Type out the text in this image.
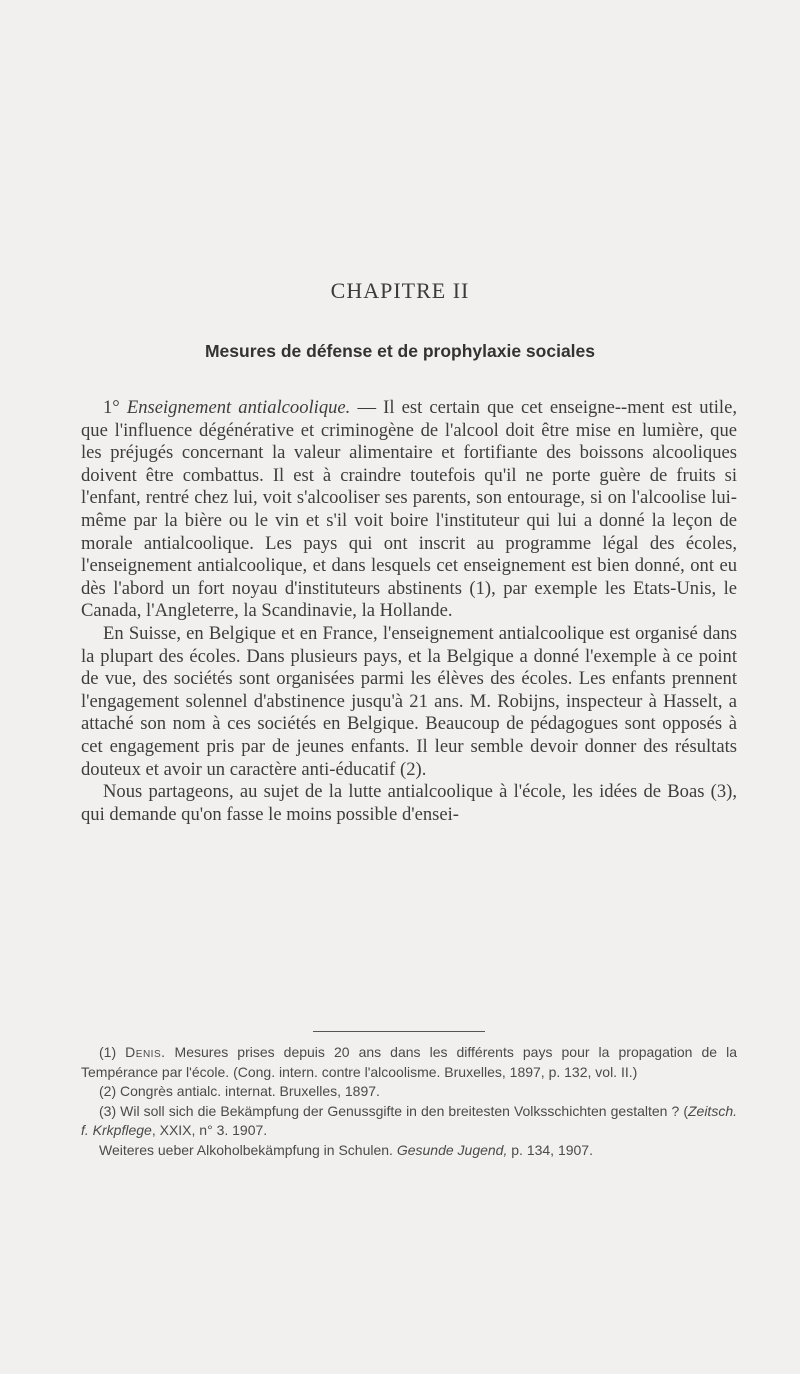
CHAPITRE II
Mesures de défense et de prophylaxie sociales

1° Enseignement antialcoolique. — Il est certain que cet enseigne--ment est utile, que l'influence dégénérative et criminogène de l'alcool doit être mise en lumière, que les préjugés concernant la valeur alimentaire et fortifiante des boissons alcooliques doivent être combattus. Il est à craindre toutefois qu'il ne porte guère de fruits si l'enfant, rentré chez lui, voit s'alcooliser ses parents, son entourage, si on l'alcoolise lui-même par la bière ou le vin et s'il voit boire l'instituteur qui lui a donné la leçon de morale antialcoolique. Les pays qui ont inscrit au programme légal des écoles, l'enseignement antialcoolique, et dans lesquels cet enseignement est bien donné, ont eu dès l'abord un fort noyau d'instituteurs abstinents (1), par exemple les Etats-Unis, le Canada, l'Angleterre, la Scandinavie, la Hollande.

En Suisse, en Belgique et en France, l'enseignement antialcoolique est organisé dans la plupart des écoles. Dans plusieurs pays, et la Belgique a donné l'exemple à ce point de vue, des sociétés sont organisées parmi les élèves des écoles. Les enfants prennent l'engagement solennel d'abstinence jusqu'à 21 ans. M. Robijns, inspecteur à Hasselt, a attaché son nom à ces sociétés en Belgique. Beaucoup de pédagogues sont opposés à cet engagement pris par de jeunes enfants. Il leur semble devoir donner des résultats douteux et avoir un caractère anti-éducatif (2).

Nous partageons, au sujet de la lutte antialcoolique à l'école, les idées de Boas (3), qui demande qu'on fasse le moins possible d'ensei-

(1) Denis. Mesures prises depuis 20 ans dans les différents pays pour la propagation de la Tempérance par l'école. (Cong. intern. contre l'alcoolisme. Bruxelles, 1897, p. 132, vol. II.)

(2) Congrès antialc. internat. Bruxelles, 1897.

(3) Wil soll sich die Bekämpfung der Genussgifte in den breitesten Volksschichten gestalten ? (Zeitsch. f. Krkpflege, XXIX, n° 3. 1907.

Weiteres ueber Alkoholbekämpfung in Schulen. Gesunde Jugend, p. 134, 1907.
